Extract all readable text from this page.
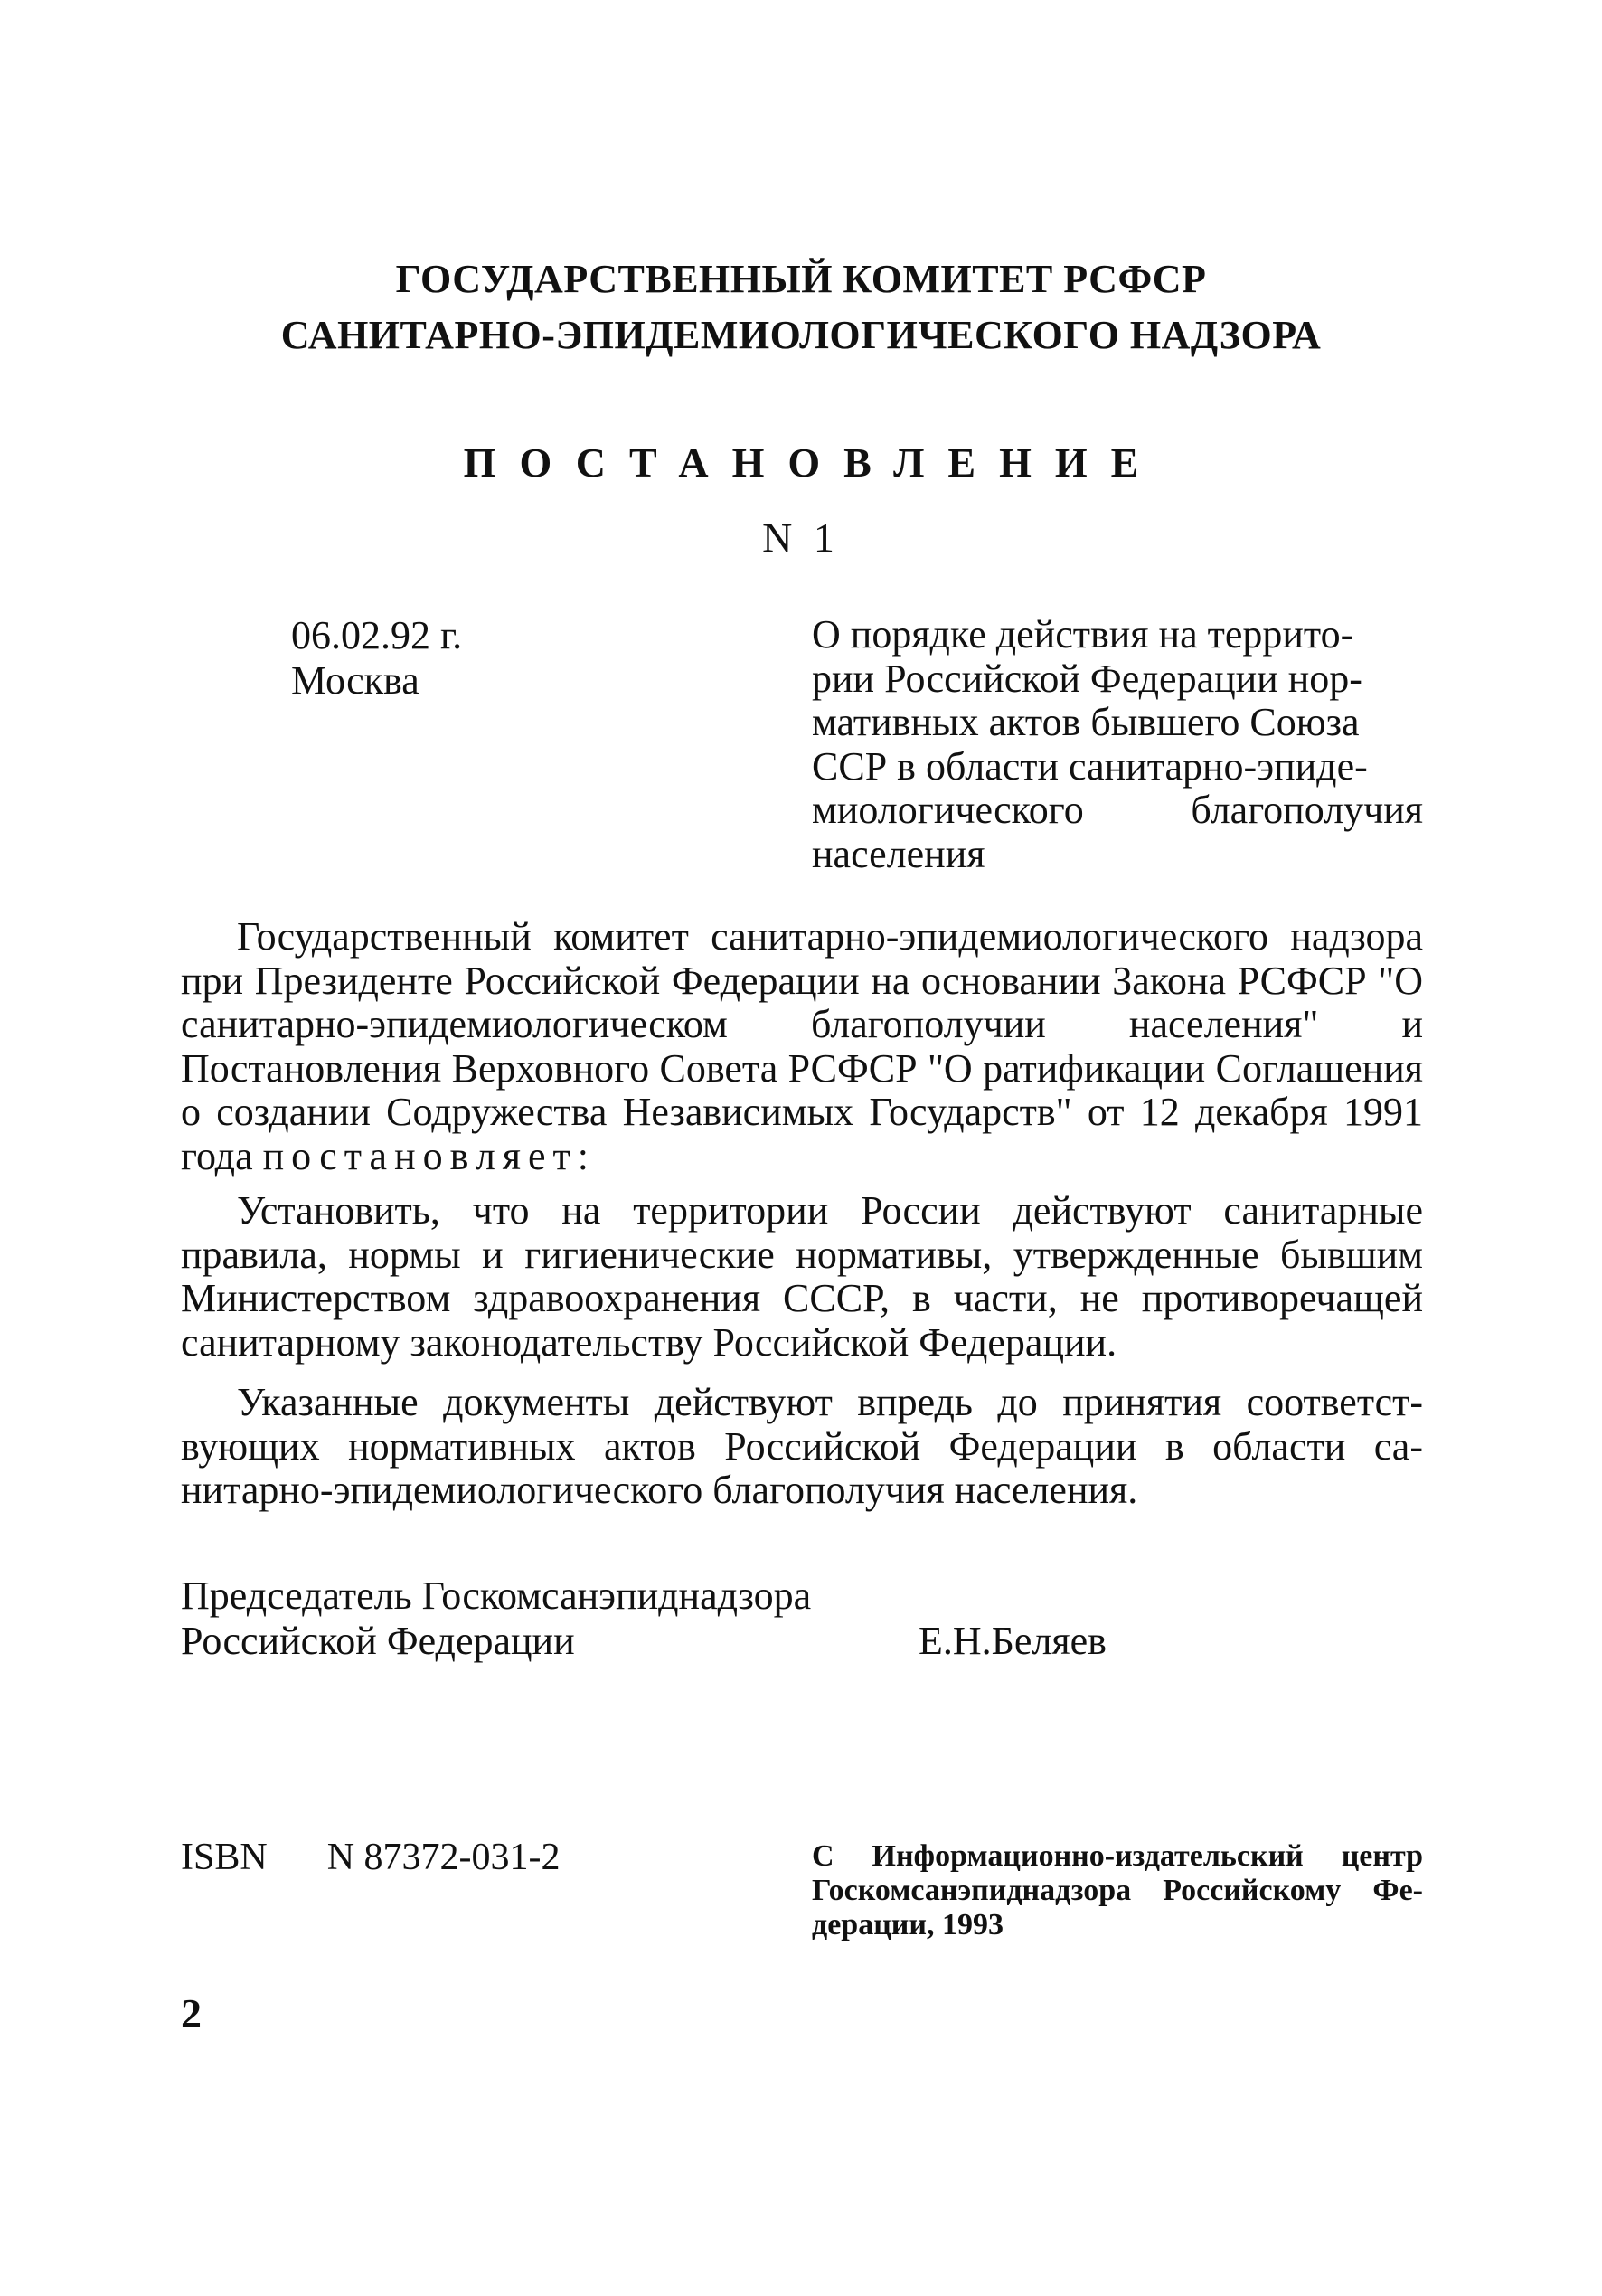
ГОСУДАРСТВЕННЫЙ КОМИТЕТ РСФСР
САНИТАРНО-ЭПИДЕМИОЛОГИЧЕСКОГО НАДЗОРА
ПОСТАНОВЛЕНИЕ
N 1
06.02.92 г.
Москва
О порядке действия на террито-
рии Российской Федерации нор-
мативных актов бывшего Союза
ССР в области санитарно-эпиде-
миологического благополучия
населения

Государственный комитет санитарно-эпидемиологического надзора при Президенте Российской Федерации на основании Закона РСФСР "О санитарно-эпидемиологическом благополучии населения" и Постановления Верховного Совета РСФСР "О ратификации Соглашения о создании Содружества Независимых Государств" от 12 декабря 1991 года постановляет:

Установить, что на территории России действуют санитарные правила, нормы и гигиенические нормативы, утвержденные бывшим Министерством здравоохранения СССР, в части, не противоречащей санитарному законодательству Российской Федерации.

Указанные документы действуют впредь до принятия соответствующих нормативных актов Российской Федерации в области санитарно-эпидемиологического благополучия населения.

Председатель Госкомсанэпиднадзора
Российской Федерации	Е.Н.Беляев
ISBN N 87372-031-2	С Информационно-издательский центр Госкомсанэпиднадзора Российскому Федерации, 1993
2
